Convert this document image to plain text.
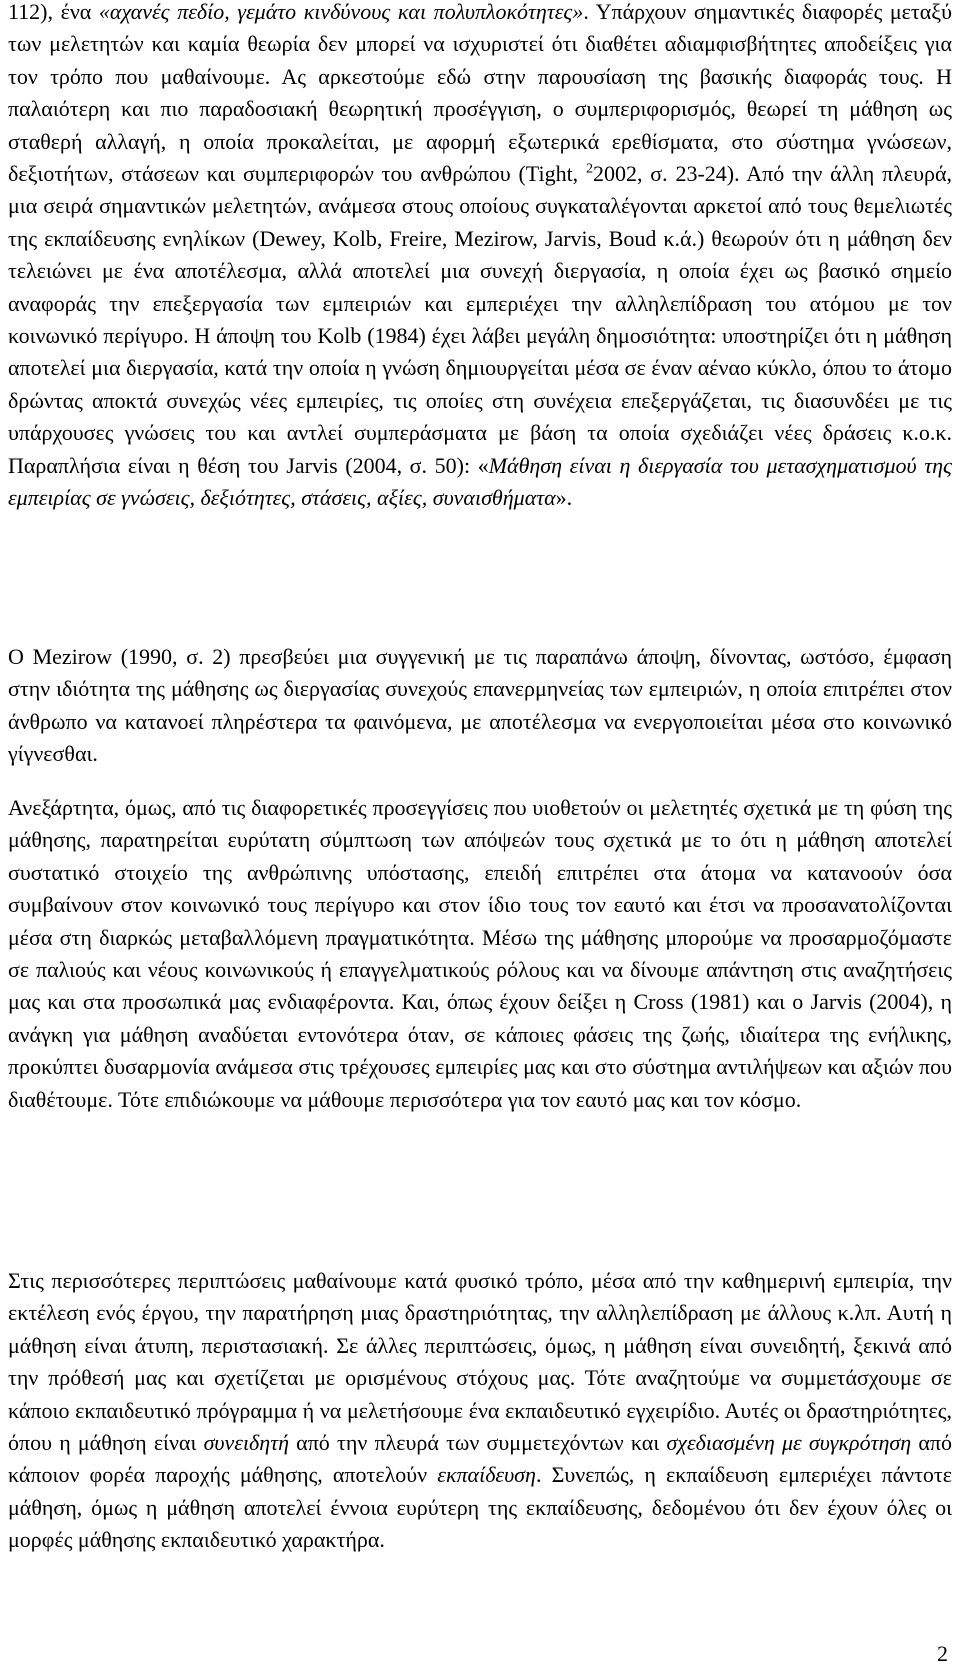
112), ένα «αχανές πεδίο, γεμάτο κινδύνους και πολυπλοκότητες». Υπάρχουν σημαντικές διαφορές μεταξύ των μελετητών και καμία θεωρία δεν μπορεί να ισχυριστεί ότι διαθέτει αδιαμφισβήτητες αποδείξεις για τον τρόπο που μαθαίνουμε. Ας αρκεστούμε εδώ στην παρουσίαση της βασικής διαφοράς τους. Η παλαιότερη και πιο παραδοσιακή θεωρητική προσέγγιση, ο συμπεριφορισμός, θεωρεί τη μάθηση ως σταθερή αλλαγή, η οποία προκαλείται, με αφορμή εξωτερικά ερεθίσματα, στο σύστημα γνώσεων, δεξιοτήτων, στάσεων και συμπεριφορών του ανθρώπου (Tight, $^2$2002, σ. 23-24). Από την άλλη πλευρά, μια σειρά σημαντικών μελετητών, ανάμεσα στους οποίους συγκαταλέγονται αρκετοί από τους θεμελιωτές της εκπαίδευσης ενηλίκων (Dewey, Kolb, Freire, Mezirow, Jarvis, Boud κ.ά.) θεωρούν ότι η μάθηση δεν τελειώνει με ένα αποτέλεσμα, αλλά αποτελεί μια συνεχή διεργασία, η οποία έχει ως βασικό σημείο αναφοράς την επεξεργασία των εμπειριών και εμπεριέχει την αλληλεπίδραση του ατόμου με τον κοινωνικό περίγυρο. Η άποψη του Kolb (1984) έχει λάβει μεγάλη δημοσιότητα: υποστηρίζει ότι η μάθηση αποτελεί μια διεργασία, κατά την οποία η γνώση δημιουργείται μέσα σε έναν αέναο κύκλο, όπου το άτομο δρώντας αποκτά συνεχώς νέες εμπειρίες, τις οποίες στη συνέχεια επεξεργάζεται, τις διασυνδέει με τις υπάρχουσες γνώσεις του και αντλεί συμπεράσματα με βάση τα οποία σχεδιάζει νέες δράσεις κ.ο.κ. Παραπλήσια είναι η θέση του Jarvis (2004, σ. 50): «Μάθηση είναι η διεργασία του μετασχηματισμού της εμπειρίας σε γνώσεις, δεξιότητες, στάσεις, αξίες, συναισθήματα».

Ο Mezirow (1990, σ. 2) πρεσβεύει μια συγγενική με τις παραπάνω άποψη, δίνοντας, ωστόσο, έμφαση στην ιδιότητα της μάθησης ως διεργασίας συνεχούς επανερμηνείας των εμπειριών, η οποία επιτρέπει στον άνθρωπο να κατανοεί πληρέστερα τα φαινόμενα, με αποτέλεσμα να ενεργοποιείται μέσα στο κοινωνικό γίγνεσθαι.

Ανεξάρτητα, όμως, από τις διαφορετικές προσεγγίσεις που υιοθετούν οι μελετητές σχετικά με τη φύση της μάθησης, παρατηρείται ευρύτατη σύμπτωση των απόψεών τους σχετικά με το ότι η μάθηση αποτελεί συστατικό στοιχείο της ανθρώπινης υπόστασης, επειδή επιτρέπει στα άτομα να κατανοούν όσα συμβαίνουν στον κοινωνικό τους περίγυρο και στον ίδιο τους τον εαυτό και έτσι να προσανατολίζονται μέσα στη διαρκώς μεταβαλλόμενη πραγματικότητα. Μέσω της μάθησης μπορούμε να προσαρμοζόμαστε σε παλιούς και νέους κοινωνικούς ή επαγγελματικούς ρόλους και να δίνουμε απάντηση στις αναζητήσεις μας και στα προσωπικά μας ενδιαφέροντα. Και, όπως έχουν δείξει η Cross (1981) και ο Jarvis (2004), η ανάγκη για μάθηση αναδύεται εντονότερα όταν, σε κάποιες φάσεις της ζωής, ιδιαίτερα της ενήλικης, προκύπτει δυσαρμονία ανάμεσα στις τρέχουσες εμπειρίες μας και στο σύστημα αντιλήψεων και αξιών που διαθέτουμε. Τότε επιδιώκουμε να μάθουμε περισσότερα για τον εαυτό μας και τον κόσμο.

Στις περισσότερες περιπτώσεις μαθαίνουμε κατά φυσικό τρόπο, μέσα από την καθημερινή εμπειρία, την εκτέλεση ενός έργου, την παρατήρηση μιας δραστηριότητας, την αλληλεπίδραση με άλλους κ.λπ. Αυτή η μάθηση είναι άτυπη, περιστασιακή. Σε άλλες περιπτώσεις, όμως, η μάθηση είναι συνειδητή, ξεκινά από την πρόθεσή μας και σχετίζεται με ορισμένους στόχους μας. Τότε αναζητούμε να συμμετάσχουμε σε κάποιο εκπαιδευτικό πρόγραμμα ή να μελετήσουμε ένα εκπαιδευτικό εγχειρίδιο. Αυτές οι δραστηριότητες, όπου η μάθηση είναι συνειδητή από την πλευρά των συμμετεχόντων και σχεδιασμένη με συγκρότηση από κάποιον φορέα παροχής μάθησης, αποτελούν εκπαίδευση. Συνεπώς, η εκπαίδευση εμπεριέχει πάντοτε μάθηση, όμως η μάθηση αποτελεί έννοια ευρύτερη της εκπαίδευσης, δεδομένου ότι δεν έχουν όλες οι μορφές μάθησης εκπαιδευτικό χαρακτήρα.

2
